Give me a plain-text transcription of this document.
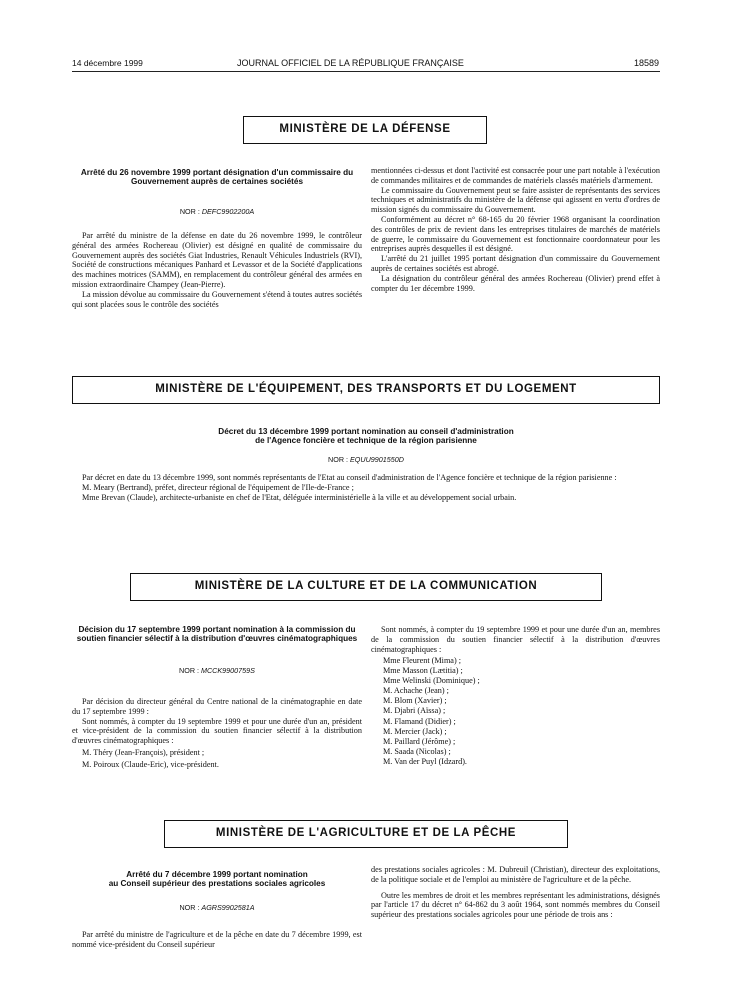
14 décembre 1999	JOURNAL OFFICIEL DE LA RÉPUBLIQUE FRANÇAISE	18589
MINISTÈRE DE LA DÉFENSE
Arrêté du 26 novembre 1999 portant désignation d'un commissaire du Gouvernement auprès de certaines sociétés
NOR : DEFC9902200A

Par arrêté du ministre de la défense en date du 26 novembre 1999, le contrôleur général des armées Rochereau (Olivier) est désigné en qualité de commissaire du Gouvernement auprès des sociétés Giat Industries, Renault Véhicules Industriels (RVI), Société de constructions mécaniques Panhard et Levassor et de la Société d'applications des machines motrices (SAMM), en remplacement du contrôleur général des armées en mission extraordinaire Champey (Jean-Pierre).

La mission dévolue au commissaire du Gouvernement s'étend à toutes autres sociétés qui sont placées sous le contrôle des sociétés

mentionnées ci-dessus et dont l'activité est consacrée pour une part notable à l'exécution de commandes militaires et de commandes de matériels classés matériels d'armement.

Le commissaire du Gouvernement peut se faire assister de représentants des services techniques et administratifs du ministère de la défense qui agissent en vertu d'ordres de mission signés du commissaire du Gouvernement.

Conformément au décret n° 68-165 du 20 février 1968 organisant la coordination des contrôles de prix de revient dans les entreprises titulaires de marchés de matériels de guerre, le commissaire du Gouvernement est fonctionnaire coordonnateur pour les entreprises auprès desquelles il est désigné.

L'arrêté du 21 juillet 1995 portant désignation d'un commissaire du Gouvernement auprès de certaines sociétés est abrogé.

La désignation du contrôleur général des armées Rochereau (Olivier) prend effet à compter du 1er décembre 1999.

MINISTÈRE DE L'ÉQUIPEMENT, DES TRANSPORTS ET DU LOGEMENT
Décret du 13 décembre 1999 portant nomination au conseil d'administration
de l'Agence foncière et technique de la région parisienne
NOR : EQUU9901550D

Par décret en date du 13 décembre 1999, sont nommés représentants de l'Etat au conseil d'administration de l'Agence foncière et technique de la région parisienne :

M. Meary (Bertrand), préfet, directeur régional de l'équipement de l'Ile-de-France ;

Mme Brevan (Claude), architecte-urbaniste en chef de l'Etat, déléguée interministérielle à la ville et au développement social urbain.

MINISTÈRE DE LA CULTURE ET DE LA COMMUNICATION
Décision du 17 septembre 1999 portant nomination à la commission du soutien financier sélectif à la distribution d'œuvres cinématographiques
NOR : MCCK9900759S

Par décision du directeur général du Centre national de la cinématographie en date du 17 septembre 1999 :

Sont nommés, à compter du 19 septembre 1999 et pour une durée d'un an, président et vice-président de la commission du soutien financier sélectif à la distribution d'œuvres cinématographiques :

M. Théry (Jean-François), président ;

M. Poiroux (Claude-Eric), vice-président.

Sont nommés, à compter du 19 septembre 1999 et pour une durée d'un an, membres de la commission du soutien financier sélectif à la distribution d'œuvres cinématographiques :

Mme Fleurent (Mima) ;
Mme Masson (Lætitia) ;
Mme Welinski (Dominique) ;
M. Achache (Jean) ;
M. Blom (Xavier) ;
M. Djabri (Aïssa) ;
M. Flamand (Didier) ;
M. Mercier (Jack) ;
M. Paillard (Jérôme) ;
M. Saada (Nicolas) ;
M. Van der Puyl (Idzard).
MINISTÈRE DE L'AGRICULTURE ET DE LA PÊCHE
Arrêté du 7 décembre 1999 portant nomination
au Conseil supérieur des prestations sociales agricoles
NOR : AGRS9902581A

Par arrêté du ministre de l'agriculture et de la pêche en date du 7 décembre 1999, est nommé vice-président du Conseil supérieur

des prestations sociales agricoles : M. Dubreuil (Christian), directeur des exploitations, de la politique sociale et de l'emploi au ministère de l'agriculture et de la pêche.

Outre les membres de droit et les membres représentant les administrations, désignés par l'article 17 du décret n° 64-862 du 3 août 1964, sont nommés membres du Conseil supérieur des prestations sociales agricoles pour une période de trois ans :
